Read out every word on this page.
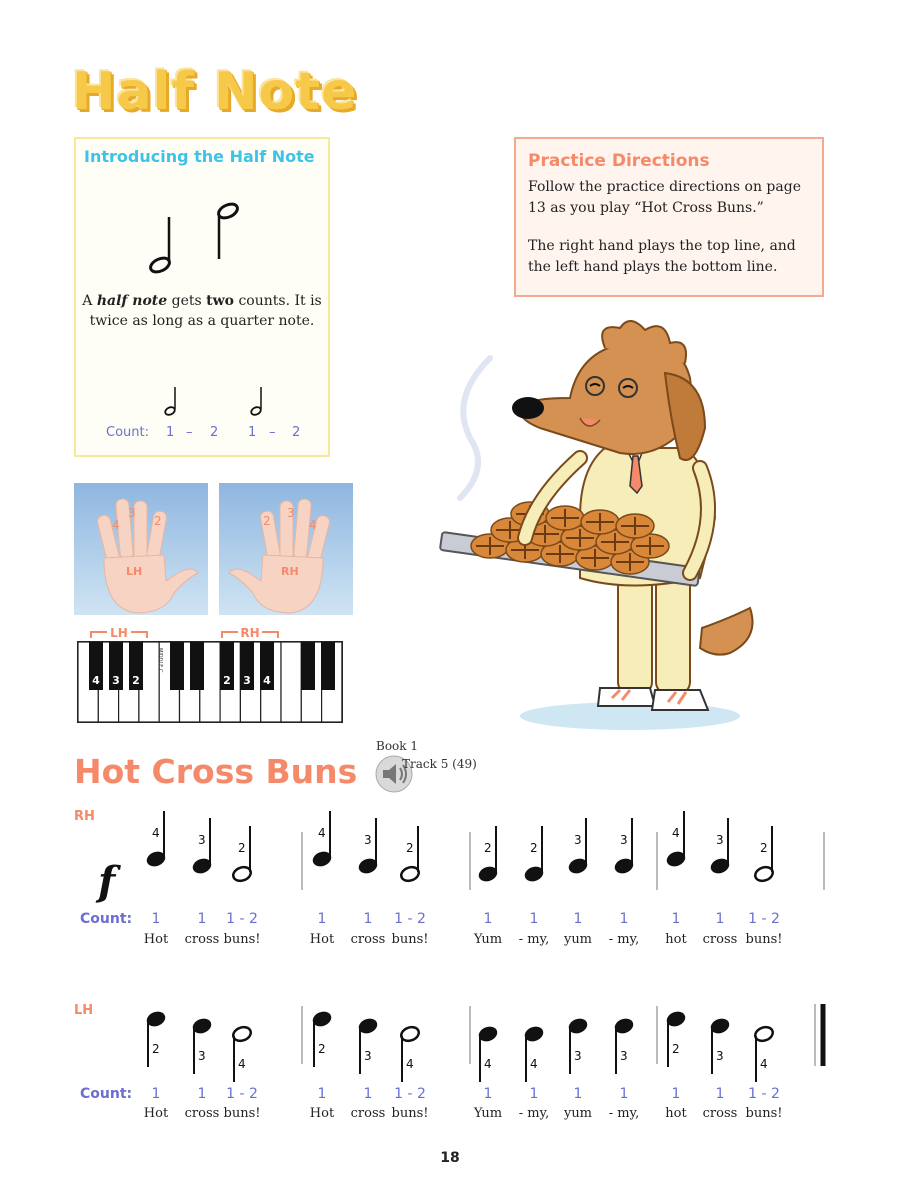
Half Note
Introducing the Half Note
A half note gets two counts. It is twice as long as a quarter note.
Count: 1 – 2 1 – 2
Practice Directions
Follow the practice directions on page 13 as you play “Hot Cross Buns.”
The right hand plays the top line, and the left hand plays the bottom line.
4
3
2
LH
2
3
4
RH
LH	RH
4 3 2	2 3 4
MIDDLE C
Hot Cross Buns
Book 1
Track 5 (49)
RH
LH
f
4
2
3
3
2
4
4
2
3
3
2
4
2
4
2
4
3
3
3
3
4
2
3
3
2
4
Count:
Count:
1
Hot
1
cross
1 - 2
buns!
1
Hot
1
cross
1 - 2
buns!
1
Yum
1
- my,
1
yum
1
- my,
1
hot
1
cross
1 - 2
buns!
1
Hot
1
cross
1 - 2
buns!
1
Hot
1
cross
1 - 2
buns!
1
Yum
1
- my,
1
yum
1
- my,
1
hot
1
cross
1 - 2
buns!
18
